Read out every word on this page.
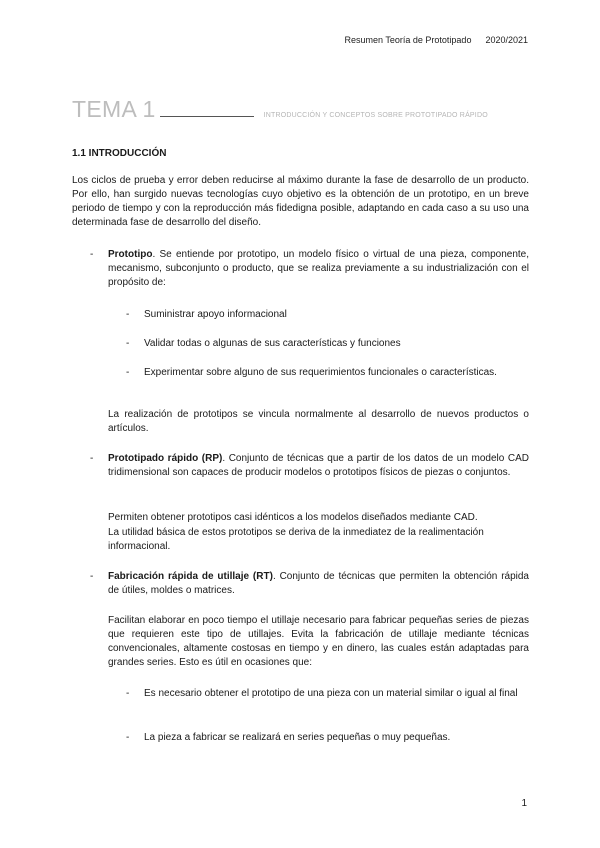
Resumen Teoría de Prototipado 2020/2021
TEMA 1	INTRODUCCIÓN Y CONCEPTOS SOBRE PROTOTIPADO RÁPIDO
1.1 INTRODUCCIÓN
Los ciclos de prueba y error deben reducirse al máximo durante la fase de desarrollo de un producto. Por ello, han surgido nuevas tecnologías cuyo objetivo es la obtención de un prototipo, en un breve periodo de tiempo y con la reproducción más fidedigna posible, adaptando en cada caso a su uso una determinada fase de desarrollo del diseño.
- Prototipo. Se entiende por prototipo, un modelo físico o virtual de una pieza, componente, mecanismo, subconjunto o producto, que se realiza previamente a su industrialización con el propósito de:
- Suministrar apoyo informacional
- Validar todas o algunas de sus características y funciones
- Experimentar sobre alguno de sus requerimientos funcionales o características.
La realización de prototipos se vincula normalmente al desarrollo de nuevos productos o artículos.
- Prototipado rápido (RP). Conjunto de técnicas que a partir de los datos de un modelo CAD tridimensional son capaces de producir modelos o prototipos físicos de piezas o conjuntos.
Permiten obtener prototipos casi idénticos a los modelos diseñados mediante CAD.
La utilidad básica de estos prototipos se deriva de la inmediatez de la realimentación informacional.
- Fabricación rápida de utillaje (RT). Conjunto de técnicas que permiten la obtención rápida de útiles, moldes o matrices.
Facilitan elaborar en poco tiempo el utillaje necesario para fabricar pequeñas series de piezas que requieren este tipo de utillajes. Evita la fabricación de utillaje mediante técnicas convencionales, altamente costosas en tiempo y en dinero, las cuales están adaptadas para grandes series. Esto es útil en ocasiones que:
- Es necesario obtener el prototipo de una pieza con un material similar o igual al final
- La pieza a fabricar se realizará en series pequeñas o muy pequeñas.
1
